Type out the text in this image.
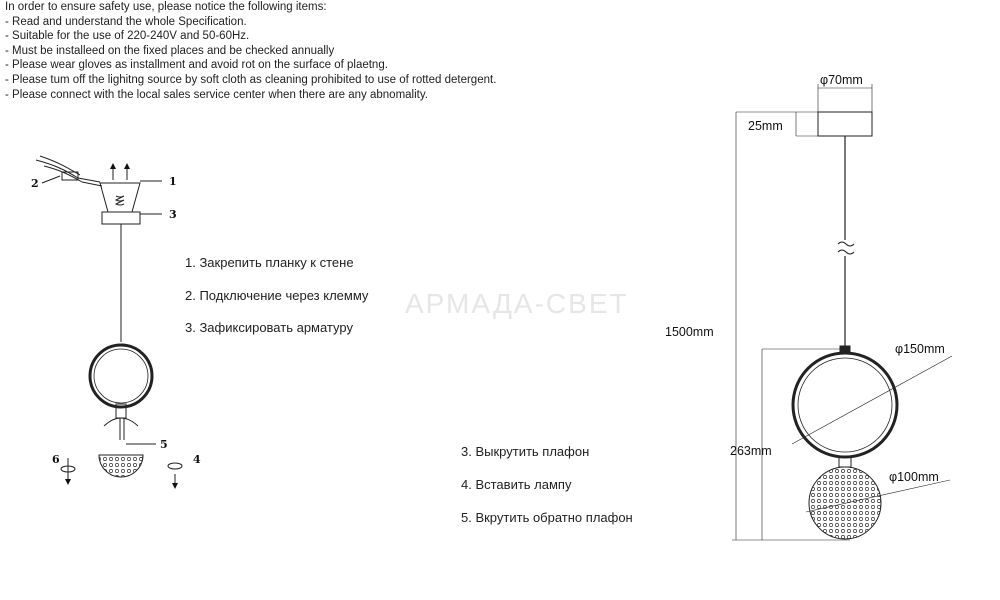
In order to ensure safety use, please notice the following items:

- Read and understand the whole Specification.

- Suitable for the use of 220-240V and 50-60Hz.

- Must be installeed on the fixed places and be checked annually

- Please wear gloves as installment and avoid rot on the surface of plaetng.

- Please tum off the lighitng source by soft cloth as cleaning prohibited to use of rotted detergent.

- Please connect with the local sales service center when there are any abnomality.

АРМАДА-СВЕТ

1. Закрепить планку к стене

2. Подключение через клемму

3. Зафиксировать арматуру

3. Выкрутить плафон

4. Вставить лампу

5. Вкрутить обратно плафон

1
2
3
4
5
6
φ70mm
25mm
1500mm
φ150mm
263mm
φ100mm
